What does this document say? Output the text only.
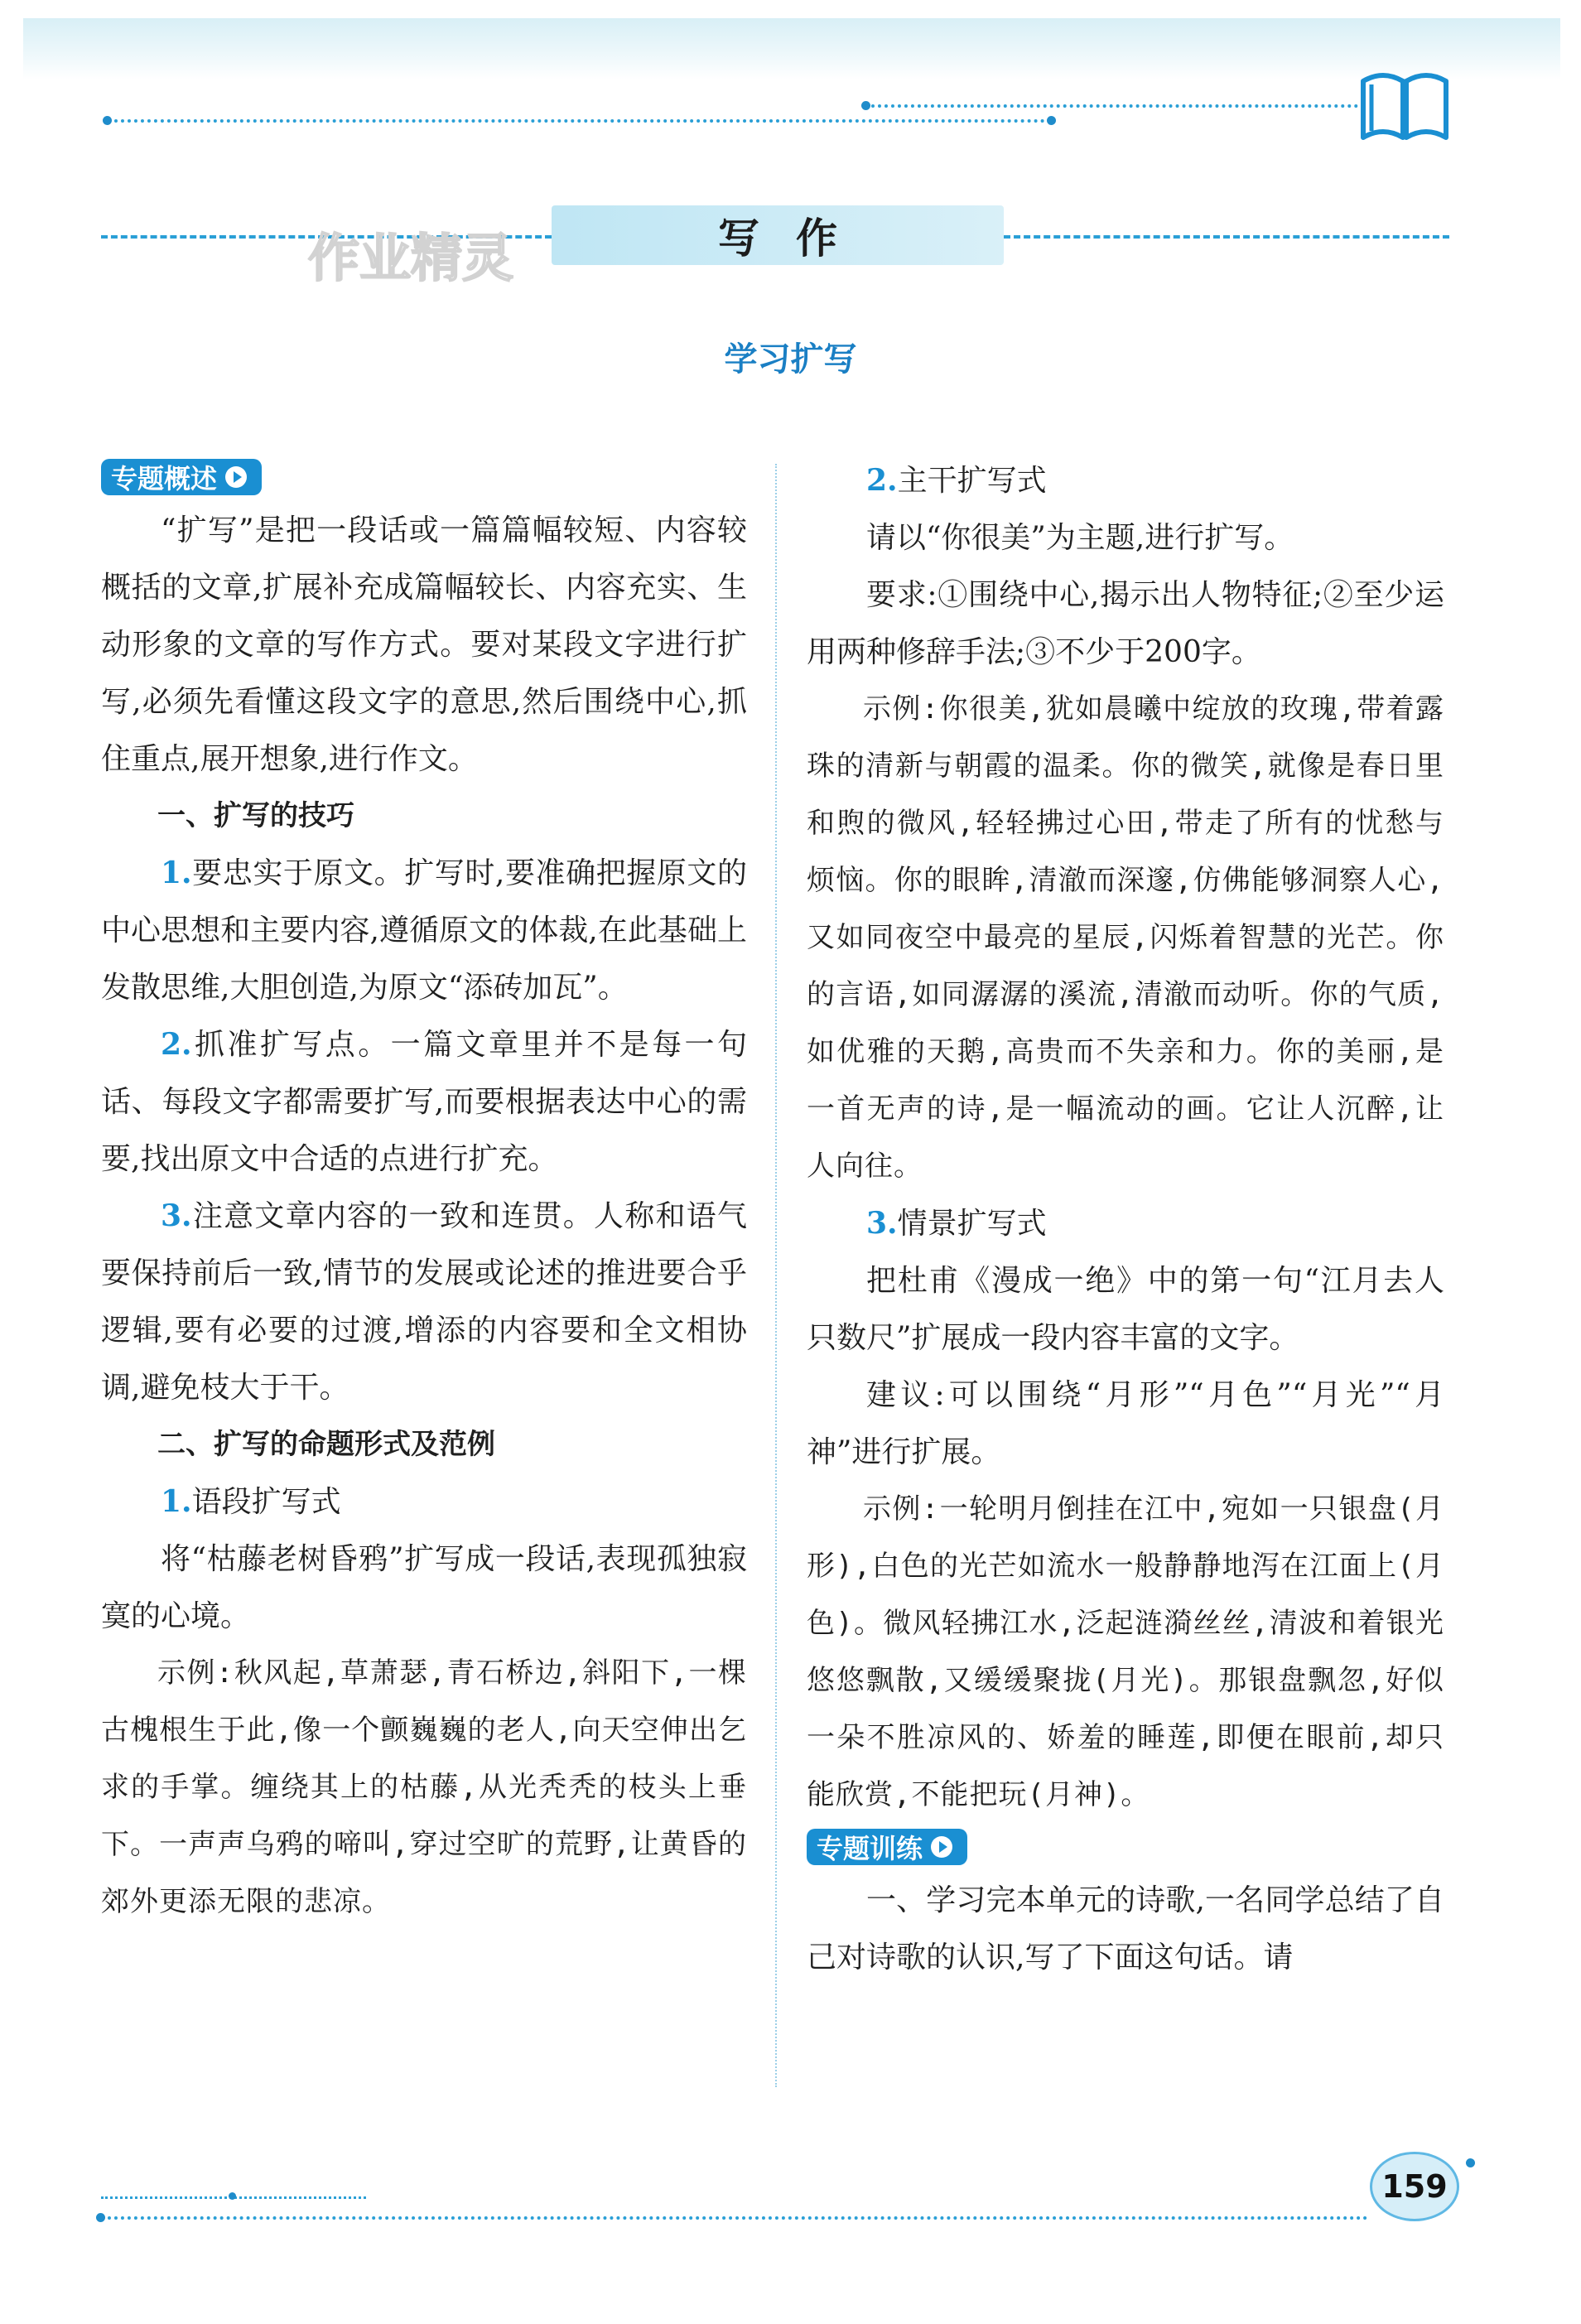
写作
作业精灵
学习扩写
专题概述

“扩写”是把一段话或一篇篇幅较短、内容较概括的文章,扩展补充成篇幅较长、内容充实、生动形象的文章的写作方式。要对某段文字进行扩写,必须先看懂这段文字的意思,然后围绕中心,抓住重点,展开想象,进行作文。

一、扩写的技巧

1.要忠实于原文。扩写时,要准确把握原文的中心思想和主要内容,遵循原文的体裁,在此基础上发散思维,大胆创造,为原文“添砖加瓦”。

2.抓准扩写点。一篇文章里并不是每一句话、每段文字都需要扩写,而要根据表达中心的需要,找出原文中合适的点进行扩充。

3.注意文章内容的一致和连贯。人称和语气要保持前后一致,情节的发展或论述的推进要合乎逻辑,要有必要的过渡,增添的内容要和全文相协调,避免枝大于干。

二、扩写的命题形式及范例

1.语段扩写式

将“枯藤老树昏鸦”扩写成一段话,表现孤独寂寞的心境。

示例:秋风起,草萧瑟,青石桥边,斜阳下,一棵古槐根生于此,像一个颤巍巍的老人,向天空伸出乞求的手掌。缠绕其上的枯藤,从光秃秃的枝头上垂下。一声声乌鸦的啼叫,穿过空旷的荒野,让黄昏的郊外更添无限的悲凉。

2.主干扩写式

请以“你很美”为主题,进行扩写。

要求:①围绕中心,揭示出人物特征;②至少运用两种修辞手法;③不少于200字。

示例:你很美,犹如晨曦中绽放的玫瑰,带着露珠的清新与朝霞的温柔。你的微笑,就像是春日里和煦的微风,轻轻拂过心田,带走了所有的忧愁与烦恼。你的眼眸,清澈而深邃,仿佛能够洞察人心,又如同夜空中最亮的星辰,闪烁着智慧的光芒。你的言语,如同潺潺的溪流,清澈而动听。你的气质,如优雅的天鹅,高贵而不失亲和力。你的美丽,是一首无声的诗,是一幅流动的画。它让人沉醉,让人向往。

3.情景扩写式

把杜甫《漫成一绝》中的第一句“江月去人只数尺”扩展成一段内容丰富的文字。

建议:可以围绕“月形”“月色”“月光”“月神”进行扩展。

示例:一轮明月倒挂在江中,宛如一只银盘(月形),白色的光芒如流水一般静静地泻在江面上(月色)。微风轻拂江水,泛起涟漪丝丝,清波和着银光悠悠飘散,又缓缓聚拢(月光)。那银盘飘忽,好似一朵不胜凉风的、娇羞的睡莲,即便在眼前,却只能欣赏,不能把玩(月神)。

专题训练

一、学习完本单元的诗歌,一名同学总结了自己对诗歌的认识,写了下面这句话。请

159
